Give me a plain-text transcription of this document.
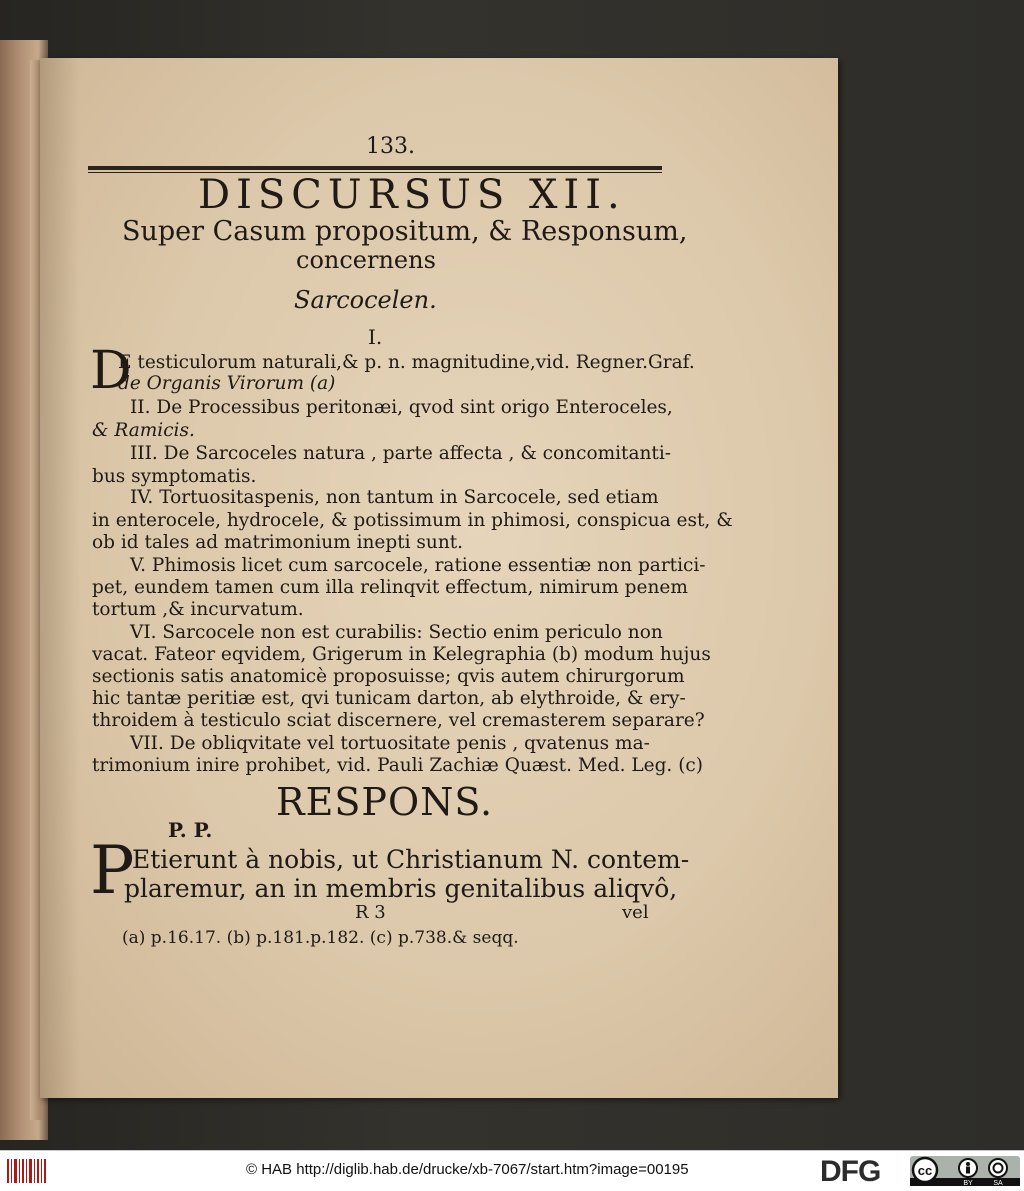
133.
DISCURSUS XII.
Super Casum propositum, & Responsum,
concernens
Sarcocelen.
I.
D
E testiculorum naturali,& p. n. magnitudine,vid. Regner.Graf.
de Organis Virorum (a)
II. De Processibus peritonæi, qvod sint origo Enteroceles,
& Ramicis.
III. De Sarcoceles natura , parte affecta , & concomitanti-
bus symptomatis.
IV. Tortuositaspenis, non tantum in Sarcocele, sed etiam
in enterocele, hydrocele, & potissimum in phimosi, conspicua est, &
ob id tales ad matrimonium inepti sunt.
V. Phimosis licet cum sarcocele, ratione essentiæ non partici-
pet, eundem tamen cum illa relinqvit effectum, nimirum penem
tortum ,& incurvatum.
VI. Sarcocele non est curabilis: Sectio enim periculo non
vacat. Fateor eqvidem, Grigerum in Kelegraphia (b) modum hujus
sectionis satis anatomicè proposuisse; qvis autem chirurgorum
hic tantæ peritiæ est, qvi tunicam darton, ab elythroide, & ery-
throidem à testiculo sciat discernere, vel cremasterem separare?
VII. De obliqvitate vel tortuositate penis , qvatenus ma-
trimonium inire prohibet, vid. Pauli Zachiæ Quæst. Med. Leg. (c)
RESPONS.
P. P.
P
Etierunt à nobis, ut Christianum N. contem-
plaremur, an in membris genitalibus aliqvô,
R 3	vel
(a) p.16.17. (b) p.181.p.182. (c) p.738.& seqq.
© HAB http://diglib.hab.de/drucke/xb-7067/start.htm?image=00195	DFG	cc
BY	SA
